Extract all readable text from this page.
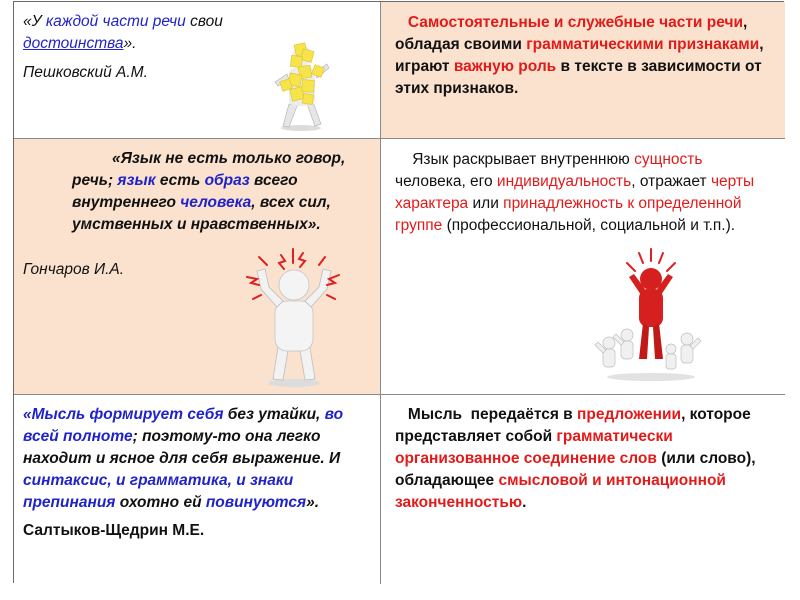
«У каждой части речи свои достоинства».
Пешковский А.М.
Самостоятельные и служебные части речи, обладая своими грамматическими признаками, играют важную роль в тексте в зависимости от этих признаков.
«Язык не есть только говор, речь; язык есть образ всего внутреннего человека, всех сил, умственных и нравственных».
Гончаров И.А.
Язык раскрывает внутреннюю сущность человека, его индивидуальность, отражает черты характера или принадлежность к определенной группе (профессиональной, социальной и т.п.).
«Мысль формирует себя без утайки, во всей полноте; поэтому-то она легко находит и ясное для себя выражение. И синтаксис, и грамматика, и знаки препинания охотно ей повинуются».
Салтыков-Щедрин М.Е.
Мысль  передаётся в предложении, которое представляет собой грамматически организованное соединение слов (или слово), обладающее смысловой и интонационной законченностью.
